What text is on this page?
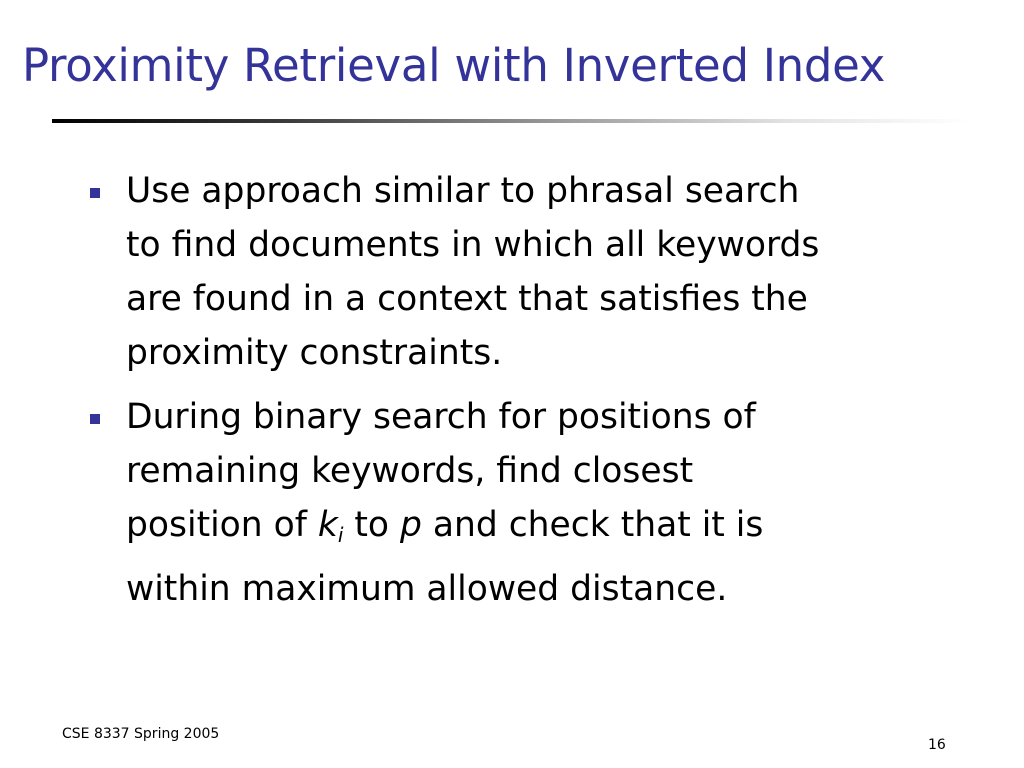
Proximity Retrieval with Inverted Index
Use approach similar to phrasal search
to find documents in which all keywords
are found in a context that satisfies the
proximity constraints.
During binary search for positions of
remaining keywords, find closest
position of $k_i$ to p and check that it is
within maximum allowed distance.
CSE 8337 Spring 2005
16
